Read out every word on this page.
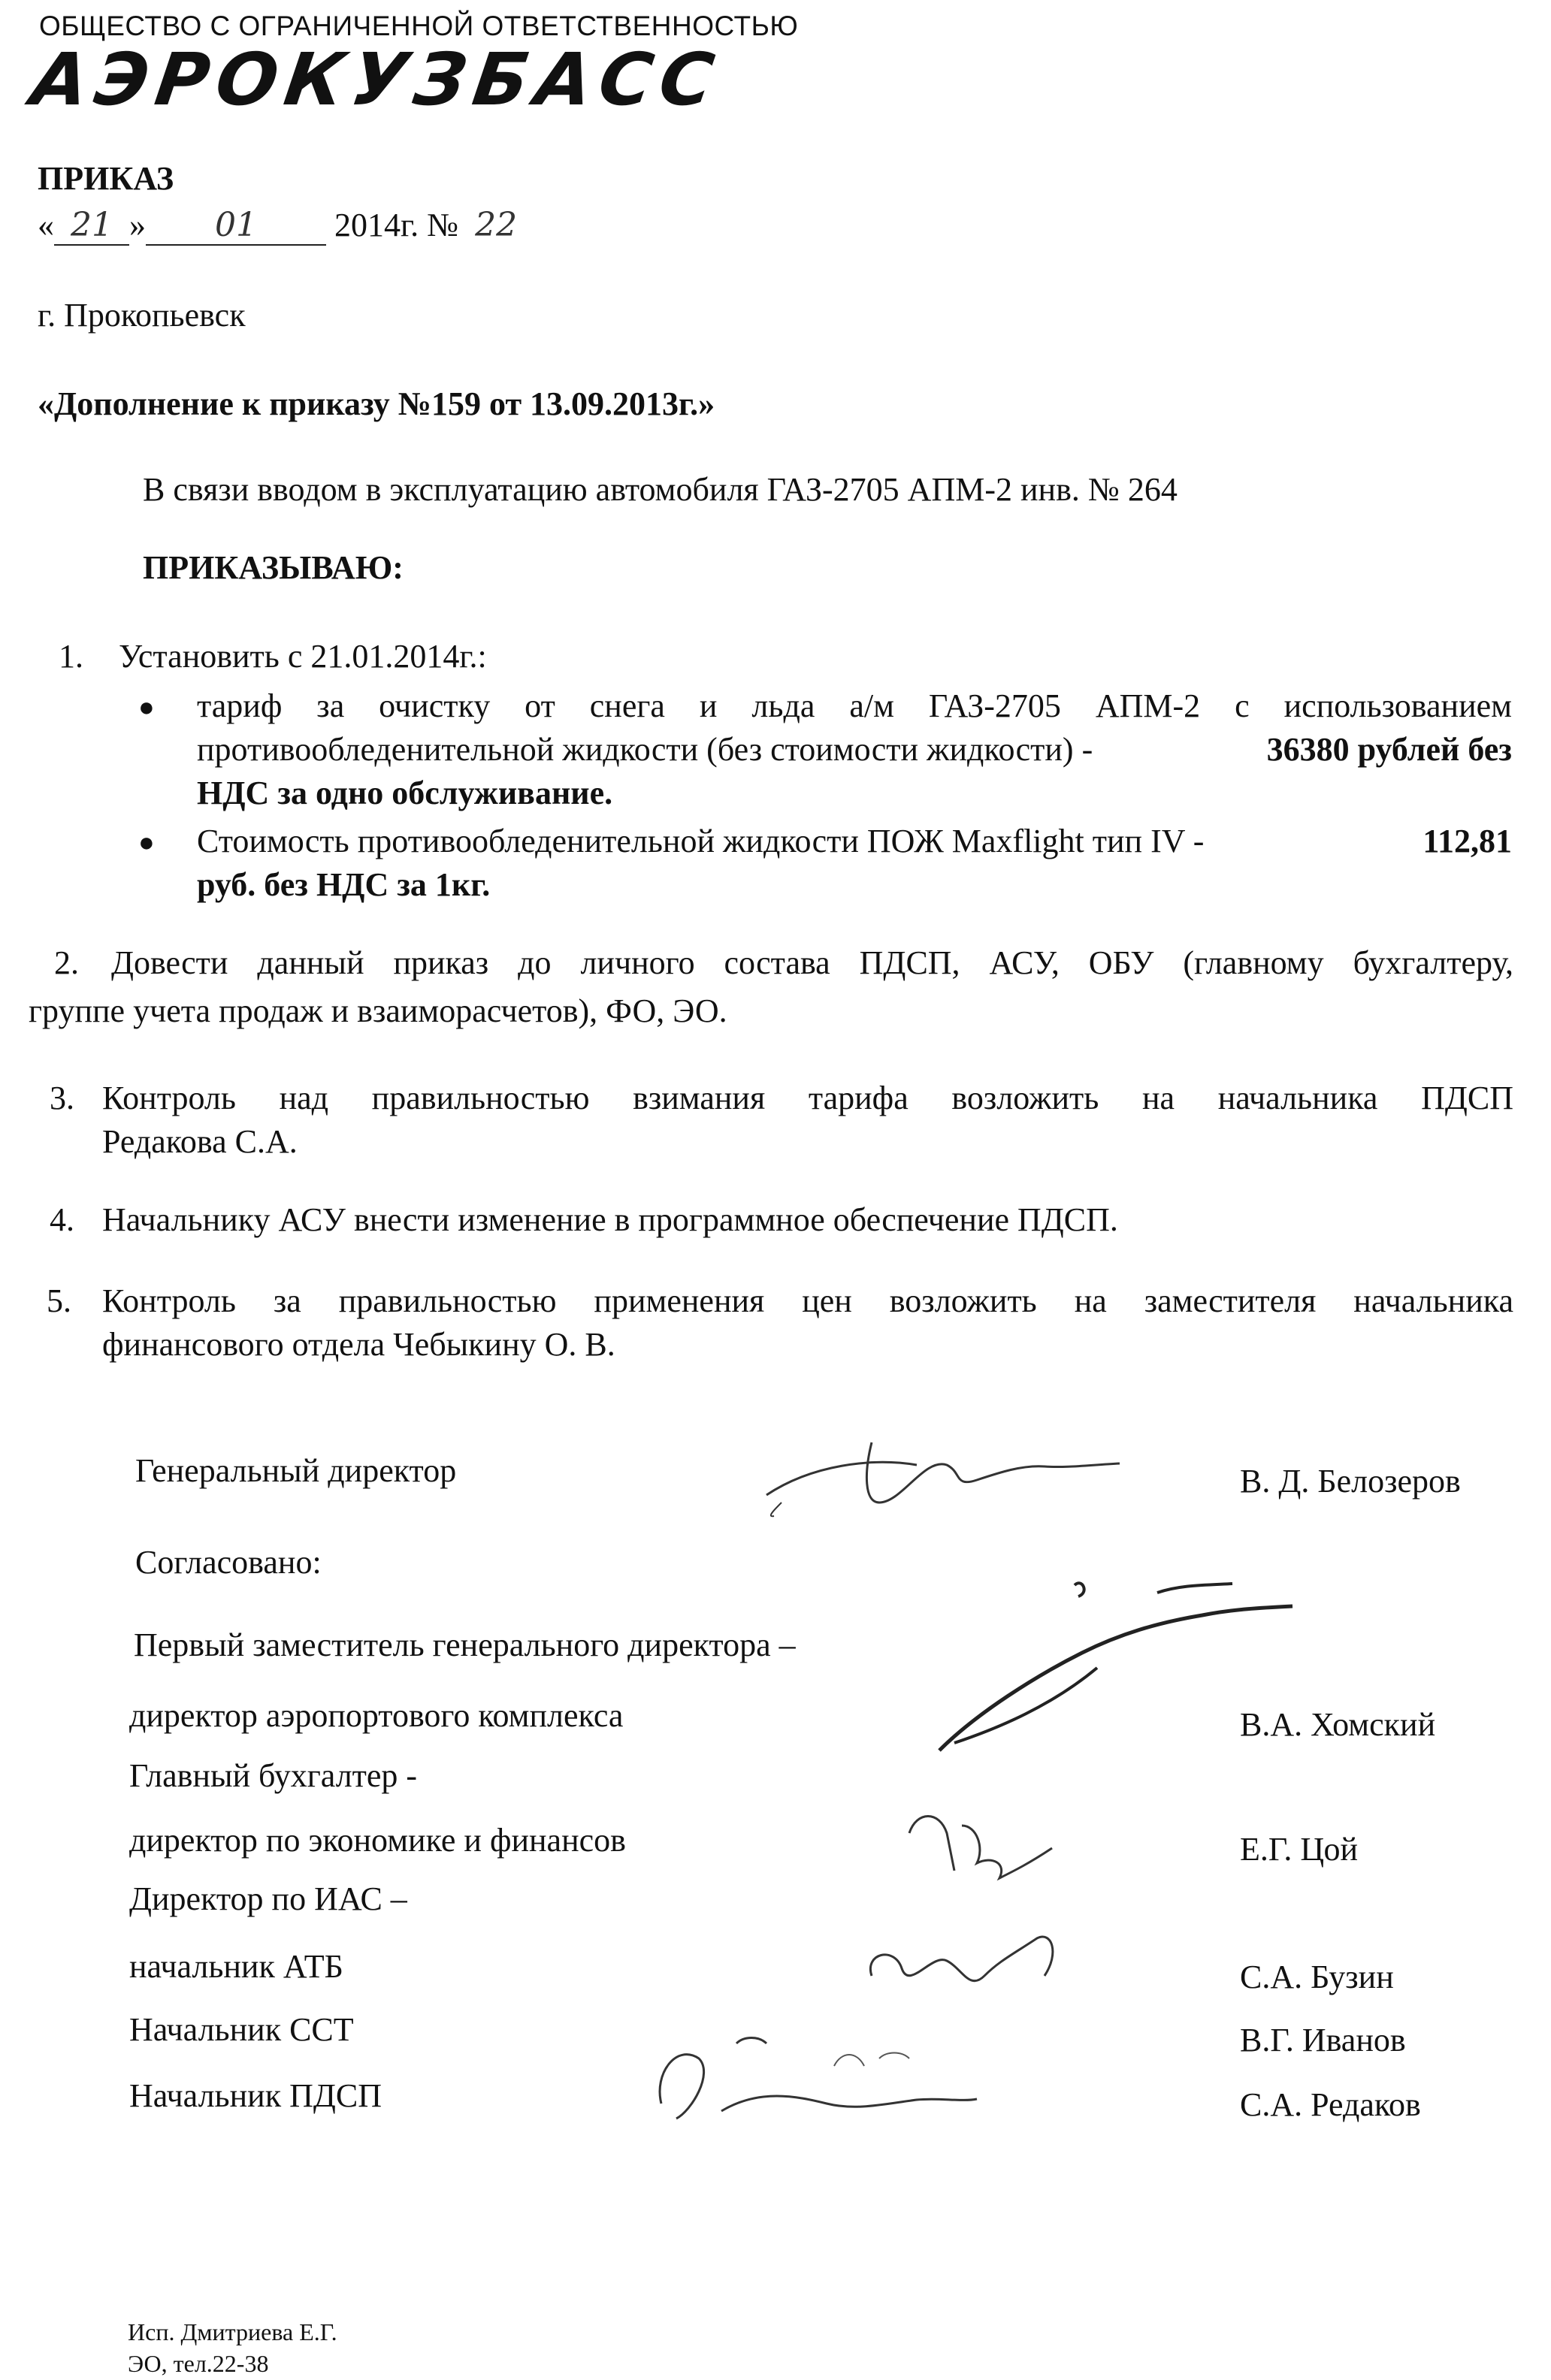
ОБЩЕСТВО С ОГРАНИЧЕННОЙ ОТВЕТСТВЕННОСТЬЮ
АЭРОКУЗБАСС
ПРИКАЗ
« 21 » 01 2014г. № 22
г. Прокопьевск
«Дополнение к приказу №159 от 13.09.2013г.»
В связи вводом в эксплуатацию автомобиля ГАЗ-2705 АПМ-2 инв. № 264
ПРИКАЗЫВАЮ:
1. Установить с 21.01.2014г.:
● тариф за очистку от снега и льда а/м ГАЗ-2705 АПМ-2 с использованием
противообледенительной жидкости (без стоимости жидкости) -	36380 рублей без
НДС за одно обслуживание.
● Стоимость противообледенительной жидкости ПОЖ Maxflight тип IV -	112,81
руб. без НДС за 1кг.
2. Довести данный приказ до личного состава ПДСП, АСУ, ОБУ (главному бухгалтеру,
группе учета продаж и взаиморасчетов), ФО, ЭО.
3. Контроль над правильностью взимания тарифа возложить на начальника ПДСП
Редакова С.А.
4. Начальнику АСУ внести изменение в программное обеспечение ПДСП.
5. Контроль за правильностью применения цен возложить на заместителя начальника
финансового отдела Чебыкину О. В.
Генеральный директор	В. Д. Белозеров
Согласовано:
Первый заместитель генерального директора –
директор аэропортового комплекса	В.А. Хомский
Главный бухгалтер -
директор по экономике и финансов	Е.Г. Цой
Директор по ИАС –
начальник АТБ	С.А. Бузин
Начальник ССТ	В.Г. Иванов
Начальник ПДСП	С.А. Редаков
Исп. Дмитриева Е.Г.
ЭО, тел.22-38
